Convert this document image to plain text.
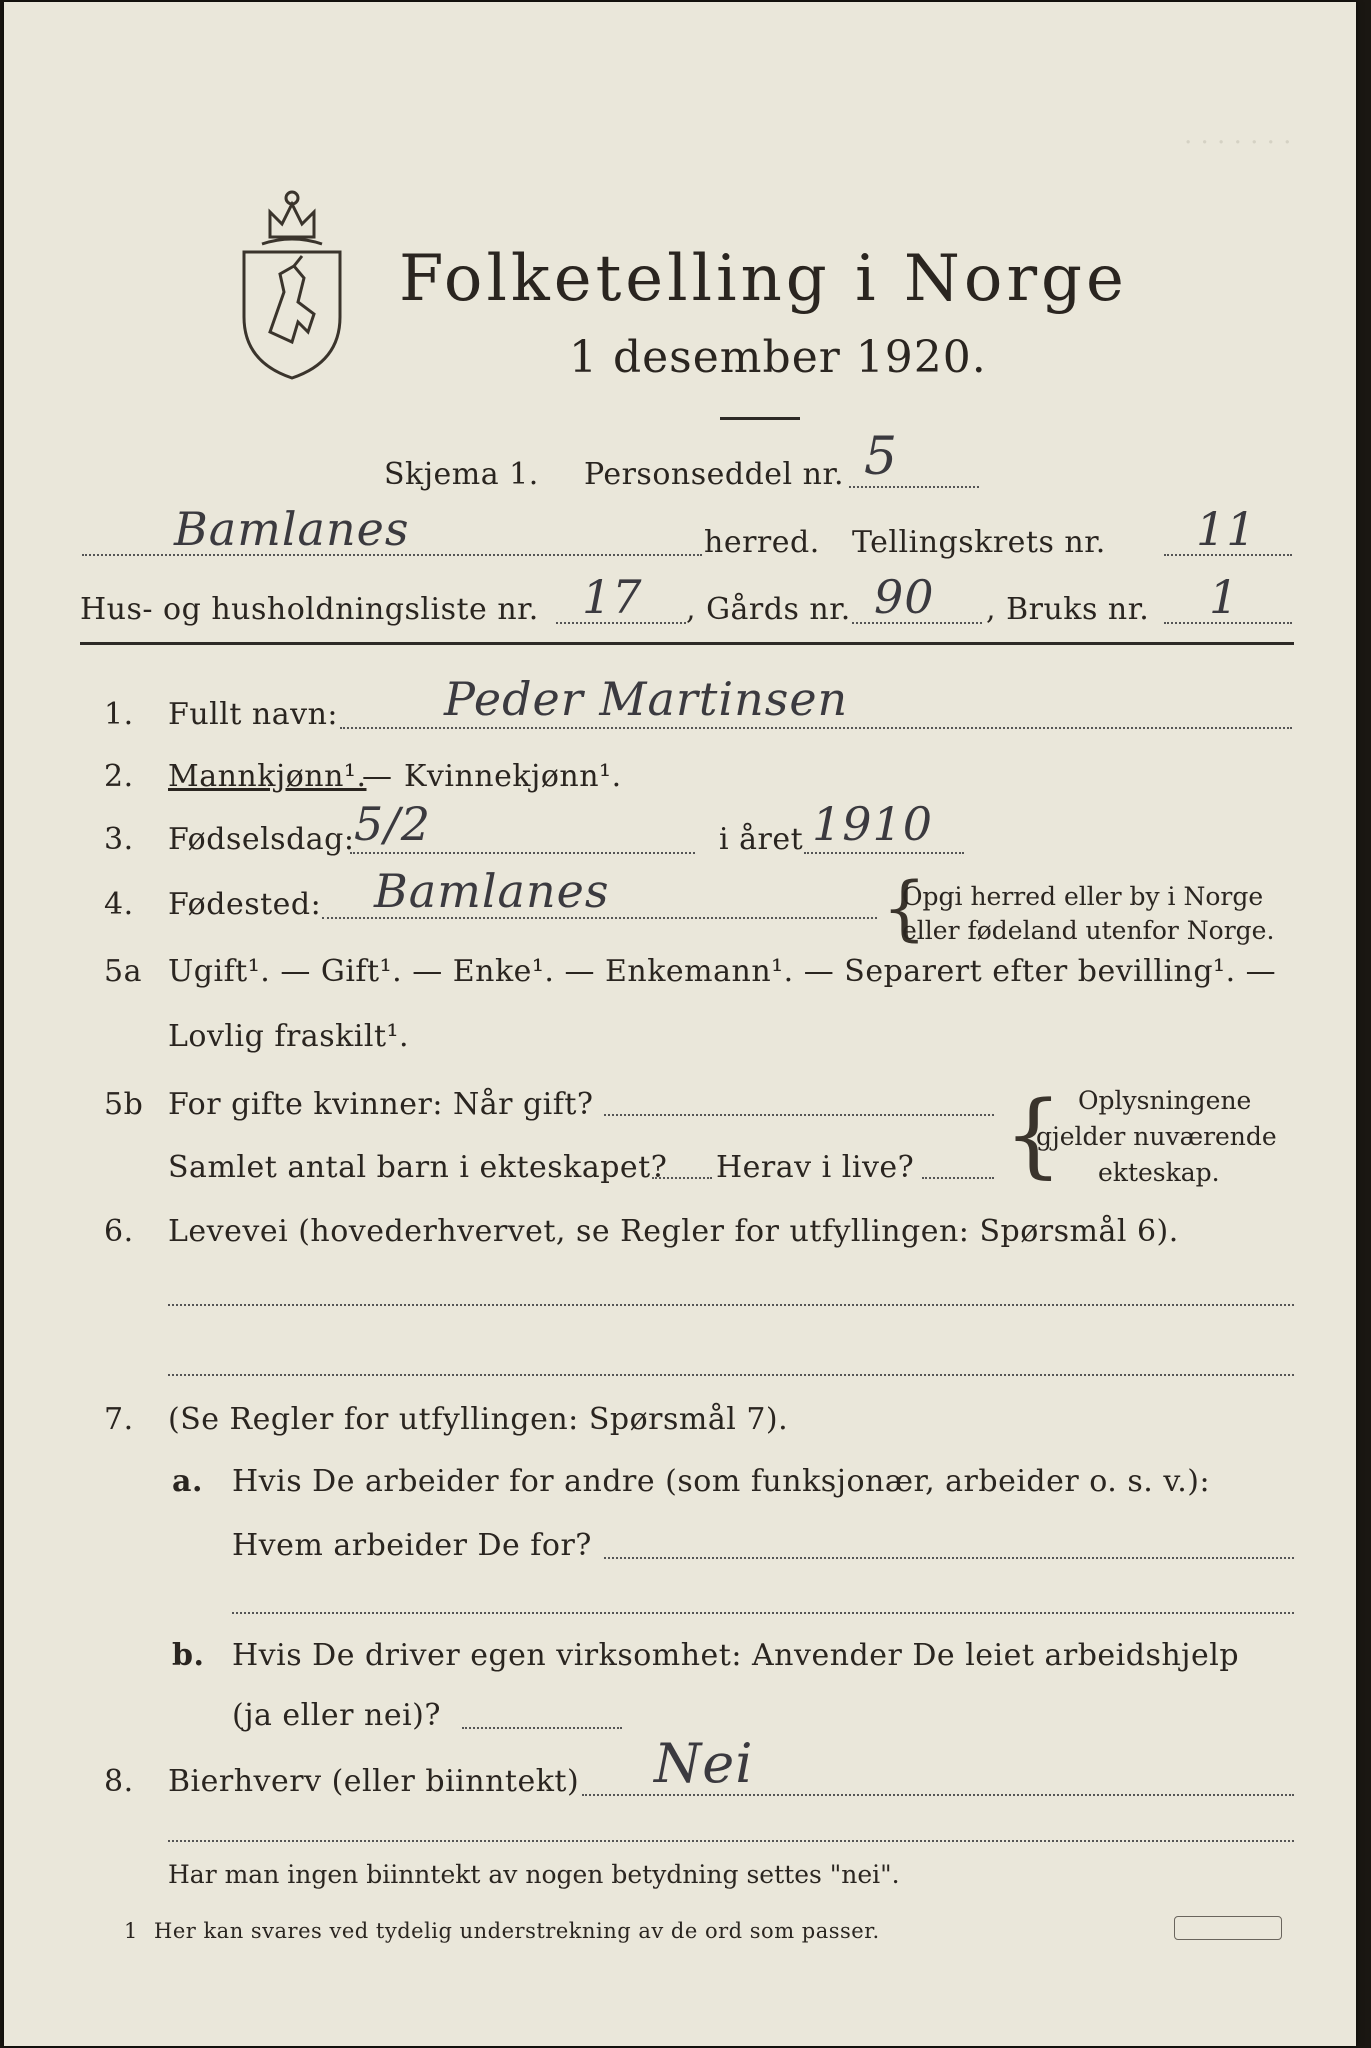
. . . . . . .
Folketelling i Norge
1 desember 1920.
Skjema 1. Personseddel nr. 5
Bamlanes	herred. Tellingskrets nr. 11
Hus- og husholdningsliste nr. 17 , Gårds nr. 90 , Bruks nr. 1
1. Fullt navn: Peder Martinsen
2. Mannkjønn¹.
— Kvinnekjønn¹.
3. Fødselsdag: 5/2	i året 1910
4. Fødested: Bamlanes	{
Opgi herred eller by i Norge
eller fødeland utenfor Norge.
5a Ugift¹. — Gift¹. — Enke¹. — Enkemann¹. — Separert efter bevilling¹. —
Lovlig fraskilt¹.
5b For gifte kvinner: Når gift?
Samlet antal barn i ekteskapet? Herav i live? { Oplysningene
gjelder nuværende
ekteskap.
6. Levevei (hovederhvervet, se Regler for utfyllingen: Spørsmål 6).
7. (Se Regler for utfyllingen: Spørsmål 7).
a. Hvis De arbeider for andre (som funksjonær, arbeider o. s. v.):
Hvem arbeider De for?
b. Hvis De driver egen virksomhet: Anvender De leiet arbeidshjelp
(ja eller nei)?
8. Bierhverv (eller biinntekt) Nei
Har man ingen biinntekt av nogen betydning settes "nei".
1 Her kan svares ved tydelig understrekning av de ord som passer.
